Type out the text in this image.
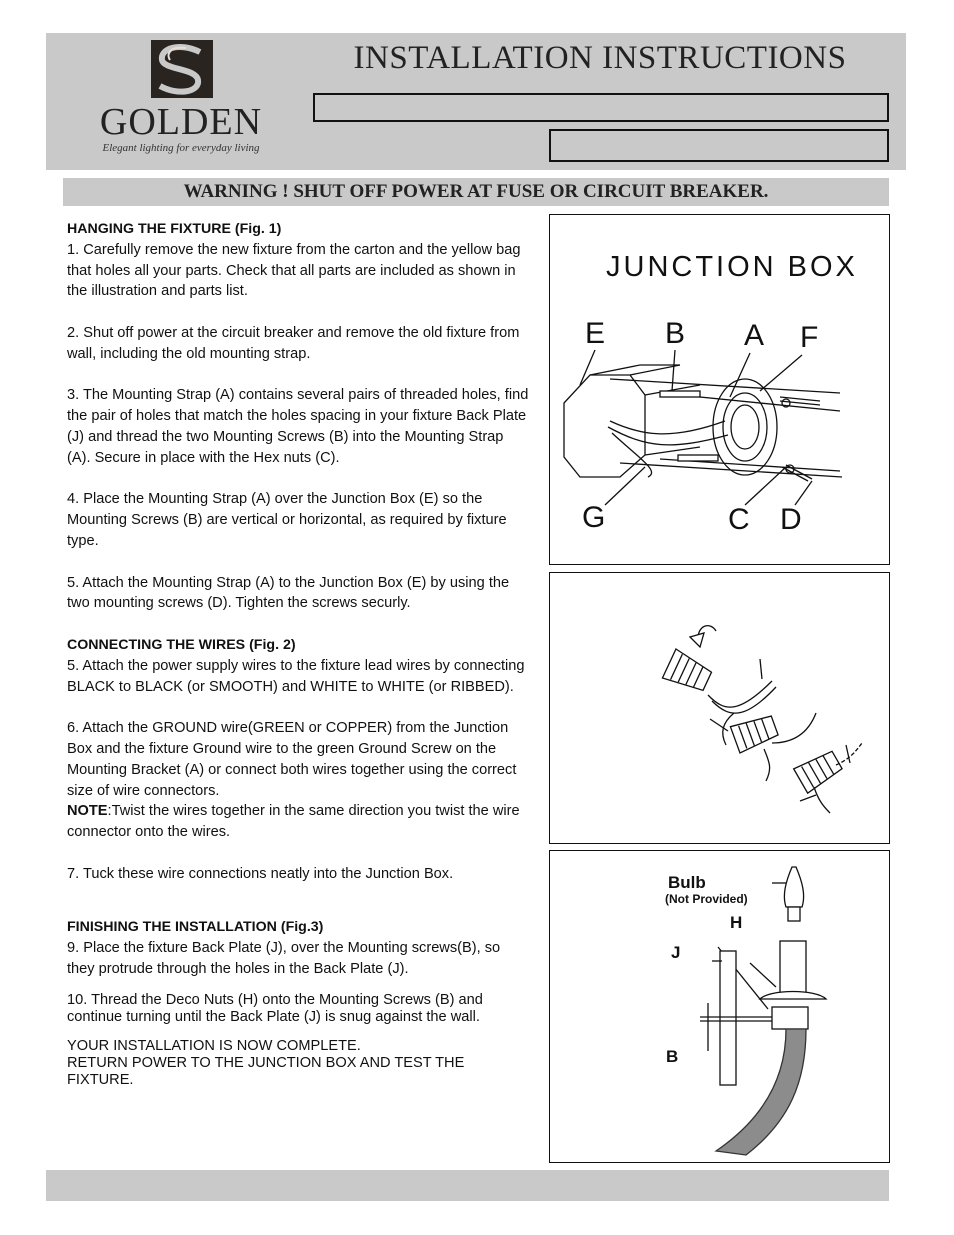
GOLDEN
Elegant lighting for everyday living
INSTALLATION INSTRUCTIONS
WARNING ! SHUT OFF POWER AT FUSE OR CIRCUIT BREAKER.

HANGING THE FIXTURE (Fig. 1)

1. Carefully remove the new fixture from the carton and the yellow bag that holes all your parts. Check that all parts are included as shown in the illustration and parts list.

2. Shut off power at the circuit breaker and remove the old fixture from wall, including the old mounting strap.

3. The Mounting Strap (A) contains several pairs of threaded holes, find the pair of holes that match the holes spacing in your fixture Back Plate (J) and thread the two Mounting Screws (B) into the Mounting Strap (A). Secure in place with the Hex nuts (C).

4. Place the Mounting Strap (A) over the Junction Box (E) so the Mounting Screws (B) are vertical or horizontal, as required by fixture type.

5. Attach the Mounting Strap (A) to the Junction Box (E) by using the two mounting screws (D). Tighten the screws securly.

CONNECTING THE WIRES (Fig. 2)

5. Attach the power supply wires to the fixture lead wires by connecting BLACK to BLACK (or SMOOTH) and WHITE to WHITE (or RIBBED).

6. Attach the GROUND wire(GREEN or COPPER) from the Junction Box and the fixture Ground wire to the green Ground Screw on the Mounting Bracket (A) or connect both wires together using the correct size of wire connectors.

NOTE:Twist the wires together in the same direction you twist the wire connector onto the wires.

7. Tuck these wire connections neatly into the Junction Box.

FINISHING THE INSTALLATION (Fig.3)

9. Place the fixture Back Plate (J), over the Mounting screws(B), so they protrude through the holes in the Back Plate (J).

10. Thread the Deco Nuts (H) onto the Mounting Screws (B) and continue turning until the Back Plate (J) is snug against the wall.

YOUR INSTALLATION IS NOW COMPLETE.

RETURN POWER TO THE JUNCTION BOX AND TEST THE FIXTURE.

JUNCTION BOX
E B A F
G	C D
Bulb
(Not Provided)
H
J
B
